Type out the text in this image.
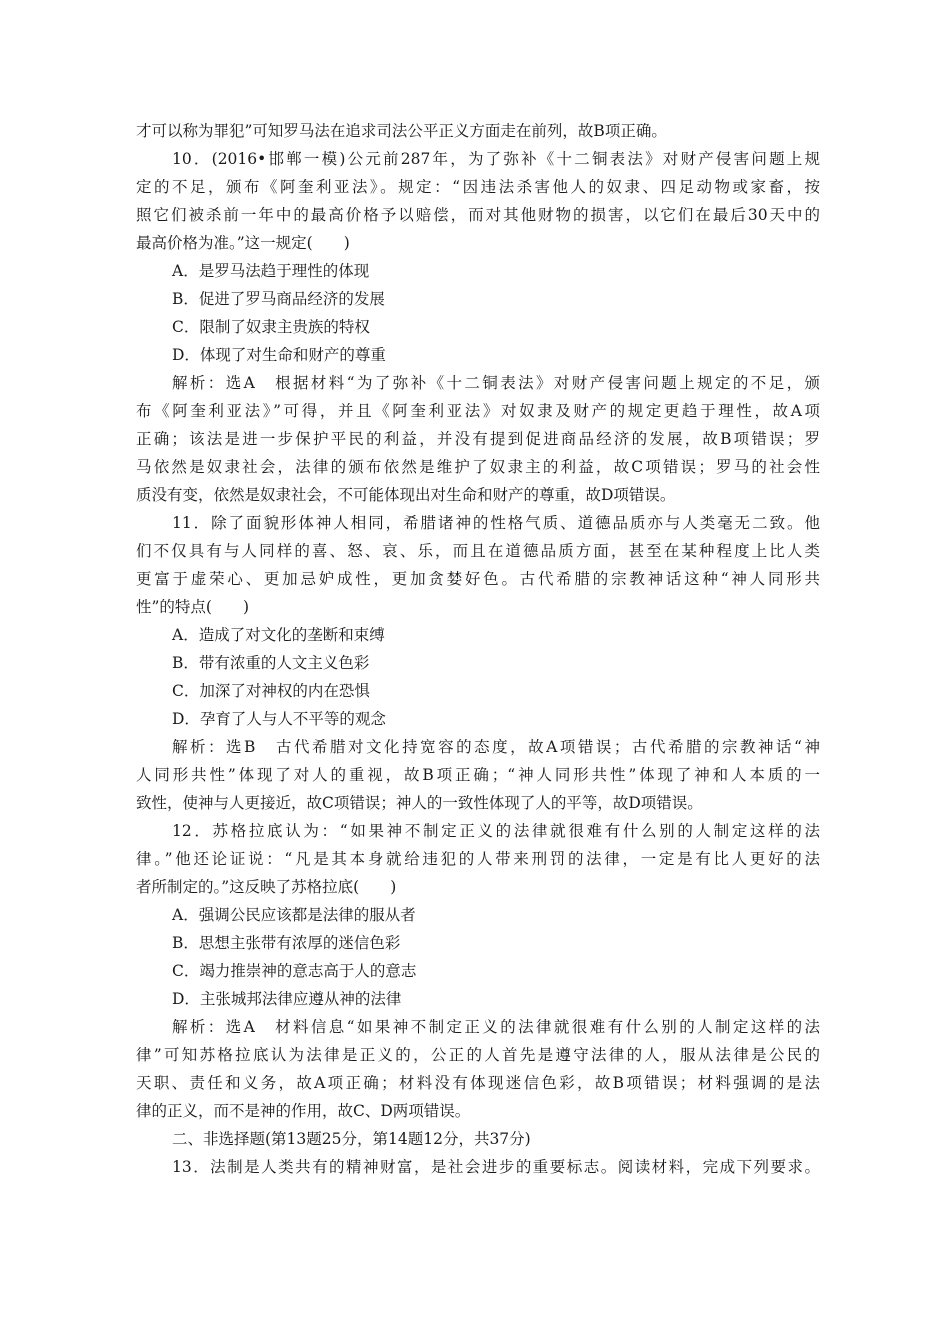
才可以称为罪犯”可知罗马法在追求司法公平正义方面走在前列，故B项正确。
10．(2016•邯郸一模)公元前287年，为了弥补《十二铜表法》对财产侵害问题上规
定的不足，颁布《阿奎利亚法》。规定：“因违法杀害他人的奴隶、四足动物或家畜，按
照它们被杀前一年中的最高价格予以赔偿，而对其他财物的损害，以它们在最后30天中的
最高价格为准。”这一规定(　　)
A．是罗马法趋于理性的体现
B．促进了罗马商品经济的发展
C．限制了奴隶主贵族的特权
D．体现了对生命和财产的尊重
解析：选A　根据材料“为了弥补《十二铜表法》对财产侵害问题上规定的不足，颁
布《阿奎利亚法》”可得，并且《阿奎利亚法》对奴隶及财产的规定更趋于理性，故A项
正确；该法是进一步保护平民的利益，并没有提到促进商品经济的发展，故B项错误；罗
马依然是奴隶社会，法律的颁布依然是维护了奴隶主的利益，故C项错误；罗马的社会性
质没有变，依然是奴隶社会，不可能体现出对生命和财产的尊重，故D项错误。
11．除了面貌形体神人相同，希腊诸神的性格气质、道德品质亦与人类毫无二致。他
们不仅具有与人同样的喜、怒、哀、乐，而且在道德品质方面，甚至在某种程度上比人类
更富于虚荣心、更加忌妒成性，更加贪婪好色。古代希腊的宗教神话这种“神人同形共
性”的特点(　　)
A．造成了对文化的垄断和束缚
B．带有浓重的人文主义色彩
C．加深了对神权的内在恐惧
D．孕育了人与人不平等的观念
解析：选B　古代希腊对文化持宽容的态度，故A项错误；古代希腊的宗教神话“神
人同形共性”体现了对人的重视，故B项正确；“神人同形共性”体现了神和人本质的一
致性，使神与人更接近，故C项错误；神人的一致性体现了人的平等，故D项错误。
12．苏格拉底认为：“如果神不制定正义的法律就很难有什么别的人制定这样的法
律。”他还论证说：“凡是其本身就给违犯的人带来刑罚的法律，一定是有比人更好的法
者所制定的。”这反映了苏格拉底(　　)
A．强调公民应该都是法律的服从者
B．思想主张带有浓厚的迷信色彩
C．竭力推崇神的意志高于人的意志
D．主张城邦法律应遵从神的法律
解析：选A　材料信息“如果神不制定正义的法律就很难有什么别的人制定这样的法
律”可知苏格拉底认为法律是正义的，公正的人首先是遵守法律的人，服从法律是公民的
天职、责任和义务，故A项正确；材料没有体现迷信色彩，故B项错误；材料强调的是法
律的正义，而不是神的作用，故C、D两项错误。
二、非选择题(第13题25分，第14题12分，共37分)
13．法制是人类共有的精神财富，是社会进步的重要标志。阅读材料，完成下列要求。
